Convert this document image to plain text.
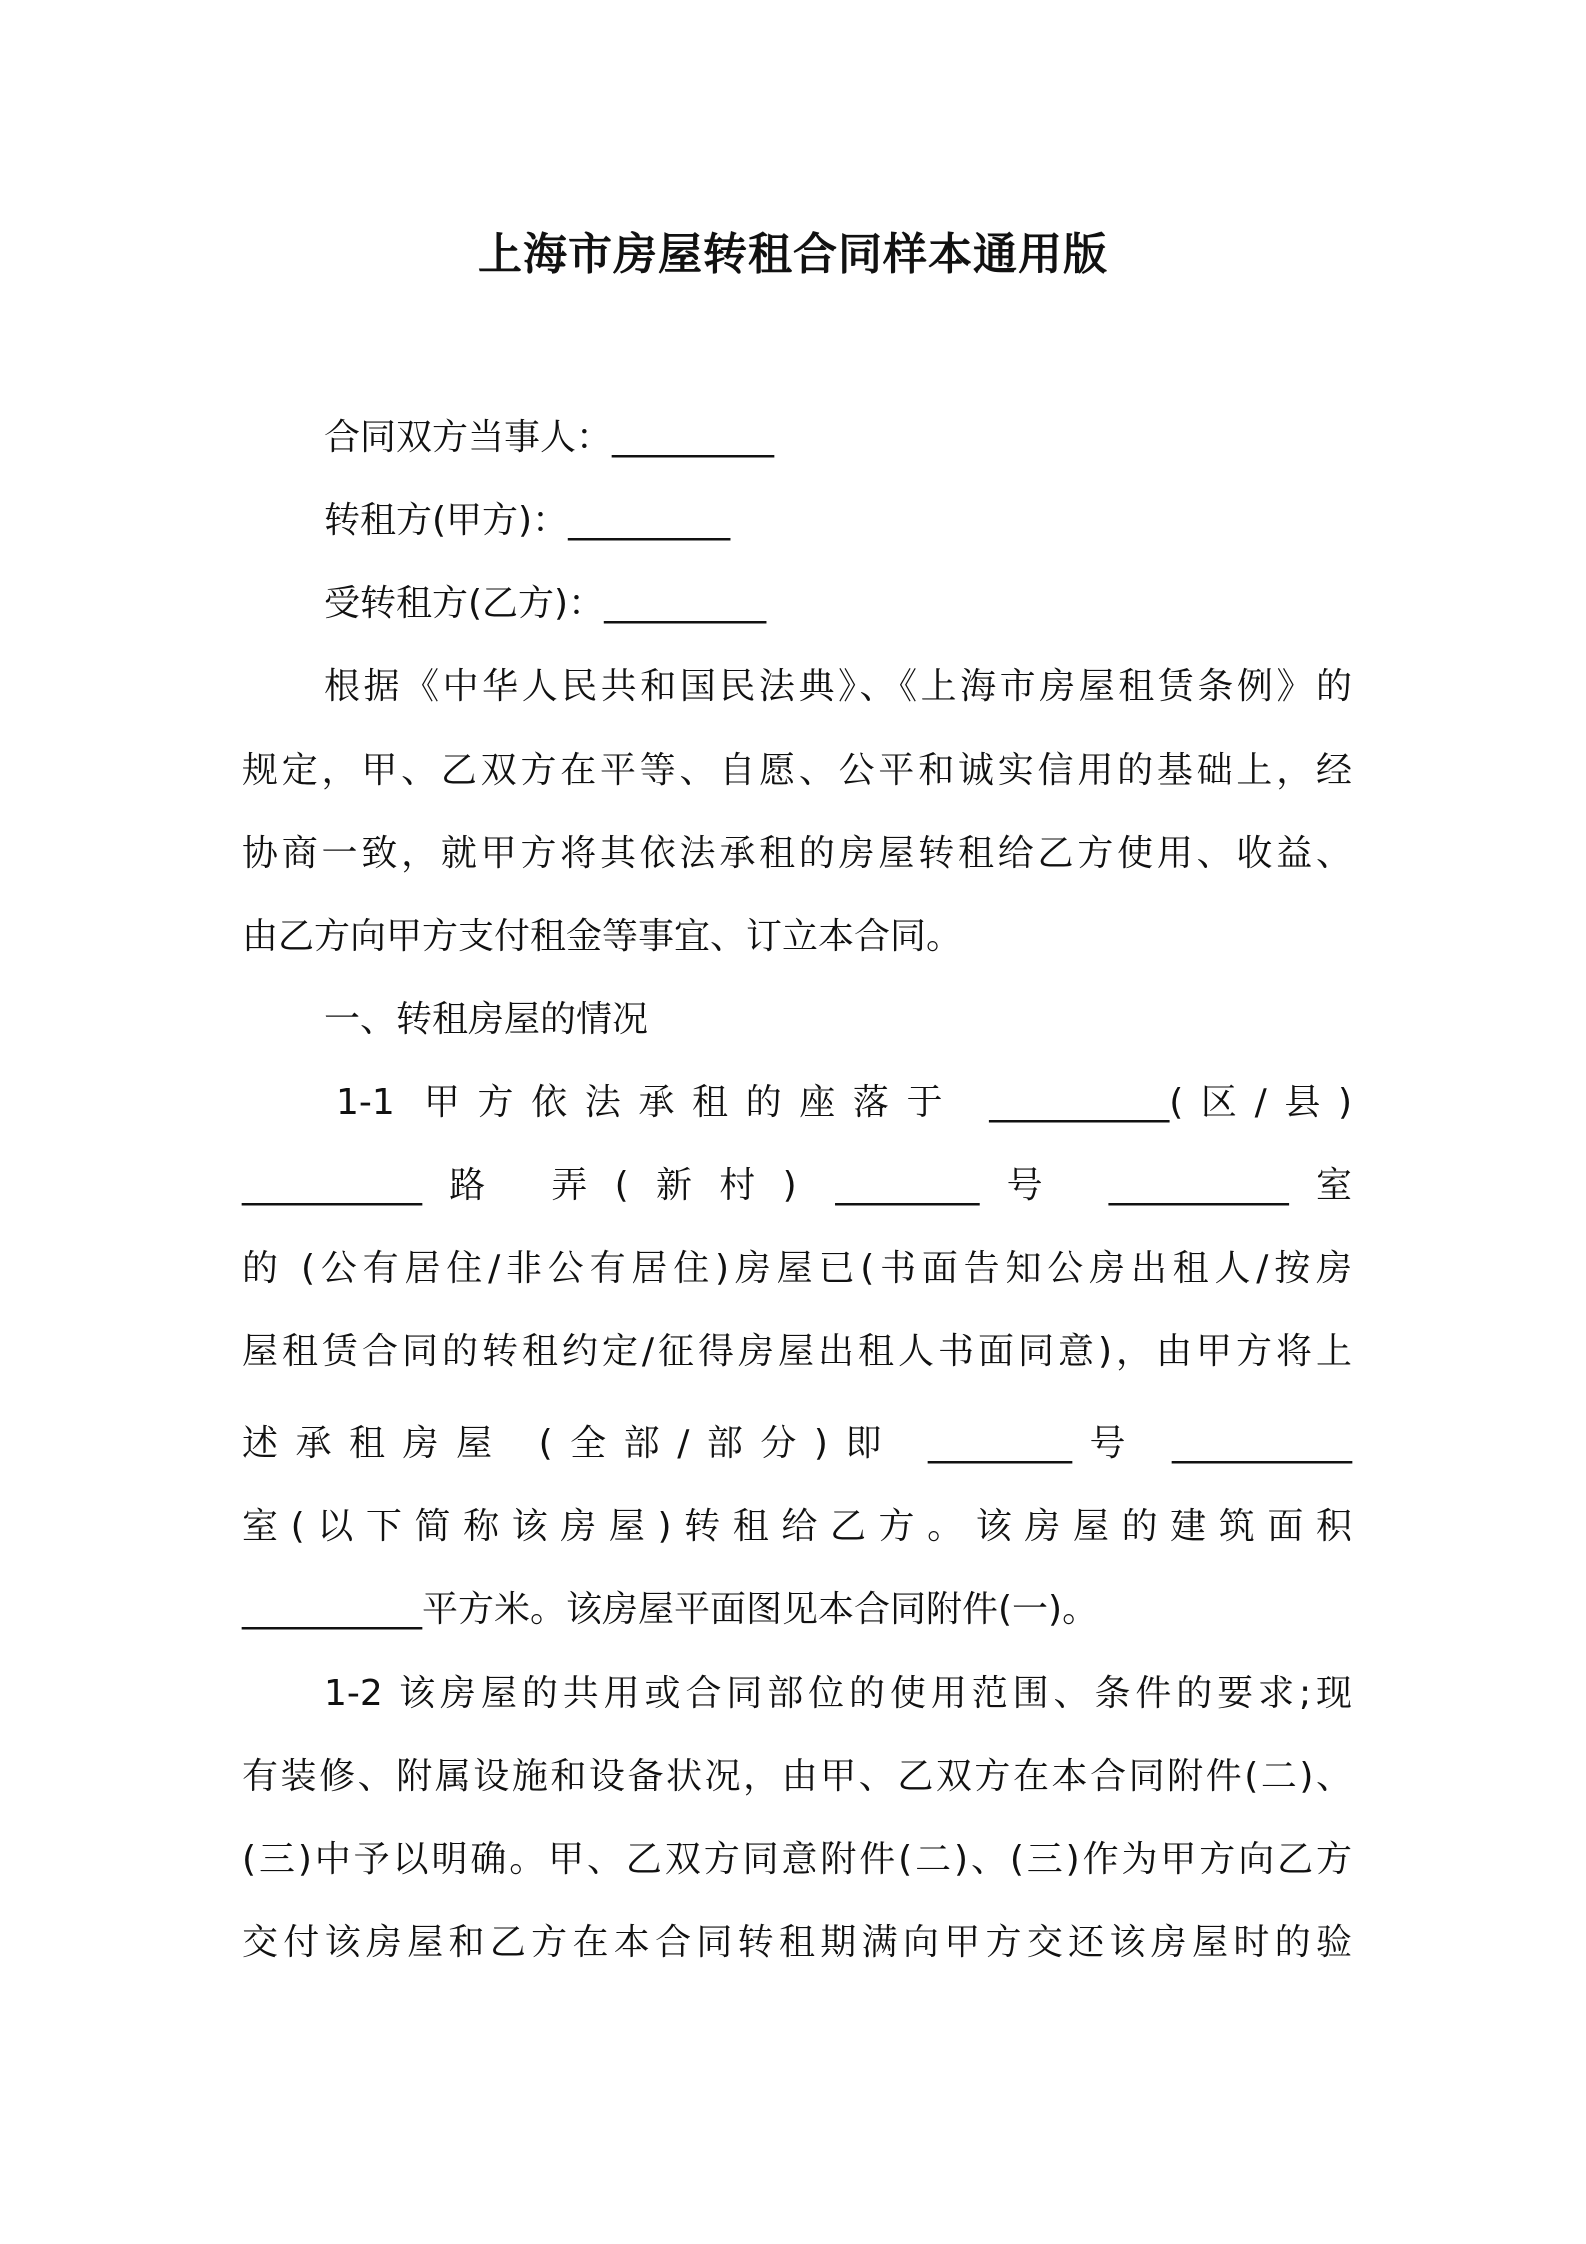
上海市房屋转租合同样本通用版
合同双方当事人：_________
转租方(甲方)：_________
受转租方(乙方)：_________
根据《中华人民共和国民法典》、《上海市房屋租赁条例》的
规定，甲、乙双方在平等、自愿、公平和诚实信用的基础上，经
协商一致，就甲方将其依法承租的房屋转租给乙方使用、收益、
由乙方向甲方支付租金等事宜、订立本合同。
一、转租房屋的情况
1-1 甲方依法承租的座落于 __________(区/县)
__________路 弄(新村) ________号 __________室
的 (公有居住/非公有居住)房屋已(书面告知公房出租人/按房
屋租赁合同的转租约定/征得房屋出租人书面同意)，由甲方将上
述承租房屋 (全部/部分)即 ________号 __________
室(以下简称该房屋)转租给乙方。该房屋的建筑面积
__________平方米。该房屋平面图见本合同附件(一)。
1-2 该房屋的共用或合同部位的使用范围、条件的要求;现
有装修、附属设施和设备状况，由甲、乙双方在本合同附件(二)、
(三)中予以明确。甲、乙双方同意附件(二)、(三)作为甲方向乙方
交付该房屋和乙方在本合同转租期满向甲方交还该房屋时的验
